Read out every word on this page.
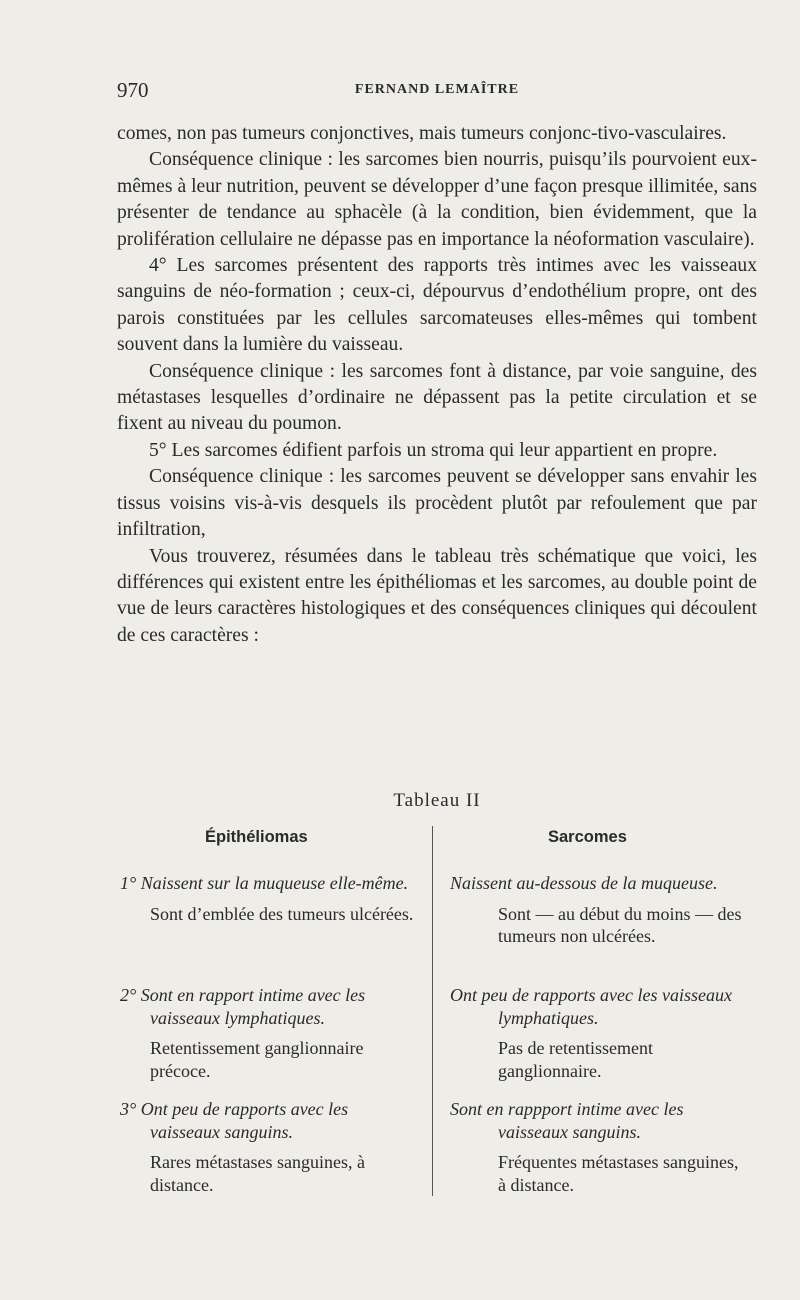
970	FERNAND LEMAÎTRE

comes, non pas tumeurs conjonctives, mais tumeurs conjonc-tivo-vasculaires.

Conséquence clinique : les sarcomes bien nourris, puisqu’ils pourvoient eux-mêmes à leur nutrition, peuvent se développer d’une façon presque illimitée, sans présenter de tendance au sphacèle (à la condition, bien évidemment, que la prolifération cellulaire ne dépasse pas en importance la néoformation vasculaire).

4° Les sarcomes présentent des rapports très intimes avec les vaisseaux sanguins de néo-formation ; ceux-ci, dépourvus d’endothélium propre, ont des parois constituées par les cellules sarcomateuses elles-mêmes qui tombent souvent dans la lumière du vaisseau.

Conséquence clinique : les sarcomes font à distance, par voie sanguine, des métastases lesquelles d’ordinaire ne dépassent pas la petite circulation et se fixent au niveau du poumon.

5° Les sarcomes édifient parfois un stroma qui leur appartient en propre.

Conséquence clinique : les sarcomes peuvent se développer sans envahir les tissus voisins vis-à-vis desquels ils procèdent plutôt par refoulement que par infiltration,

Vous trouverez, résumées dans le tableau très schématique que voici, les différences qui existent entre les épithéliomas et les sarcomes, au double point de vue de leurs caractères histologiques et des conséquences cliniques qui découlent de ces caractères :

Tableau II
Épithéliomas	Sarcomes
1° Naissent sur la muqueuse elle-même.
Sont d’emblée des tumeurs ulcérées.
Naissent au-dessous de la muqueuse.
Sont — au début du moins — des tumeurs non ulcérées.
2° Sont en rapport intime avec les vaisseaux lymphatiques.
Retentissement ganglionnaire précoce.
Ont peu de rapports avec les vaisseaux lymphatiques.
Pas de retentissement ganglionnaire.
3° Ont peu de rapports avec les vaisseaux sanguins.
Rares métastases sanguines, à distance.
Sont en rappport intime avec les vaisseaux sanguins.
Fréquentes métastases sanguines, à distance.
